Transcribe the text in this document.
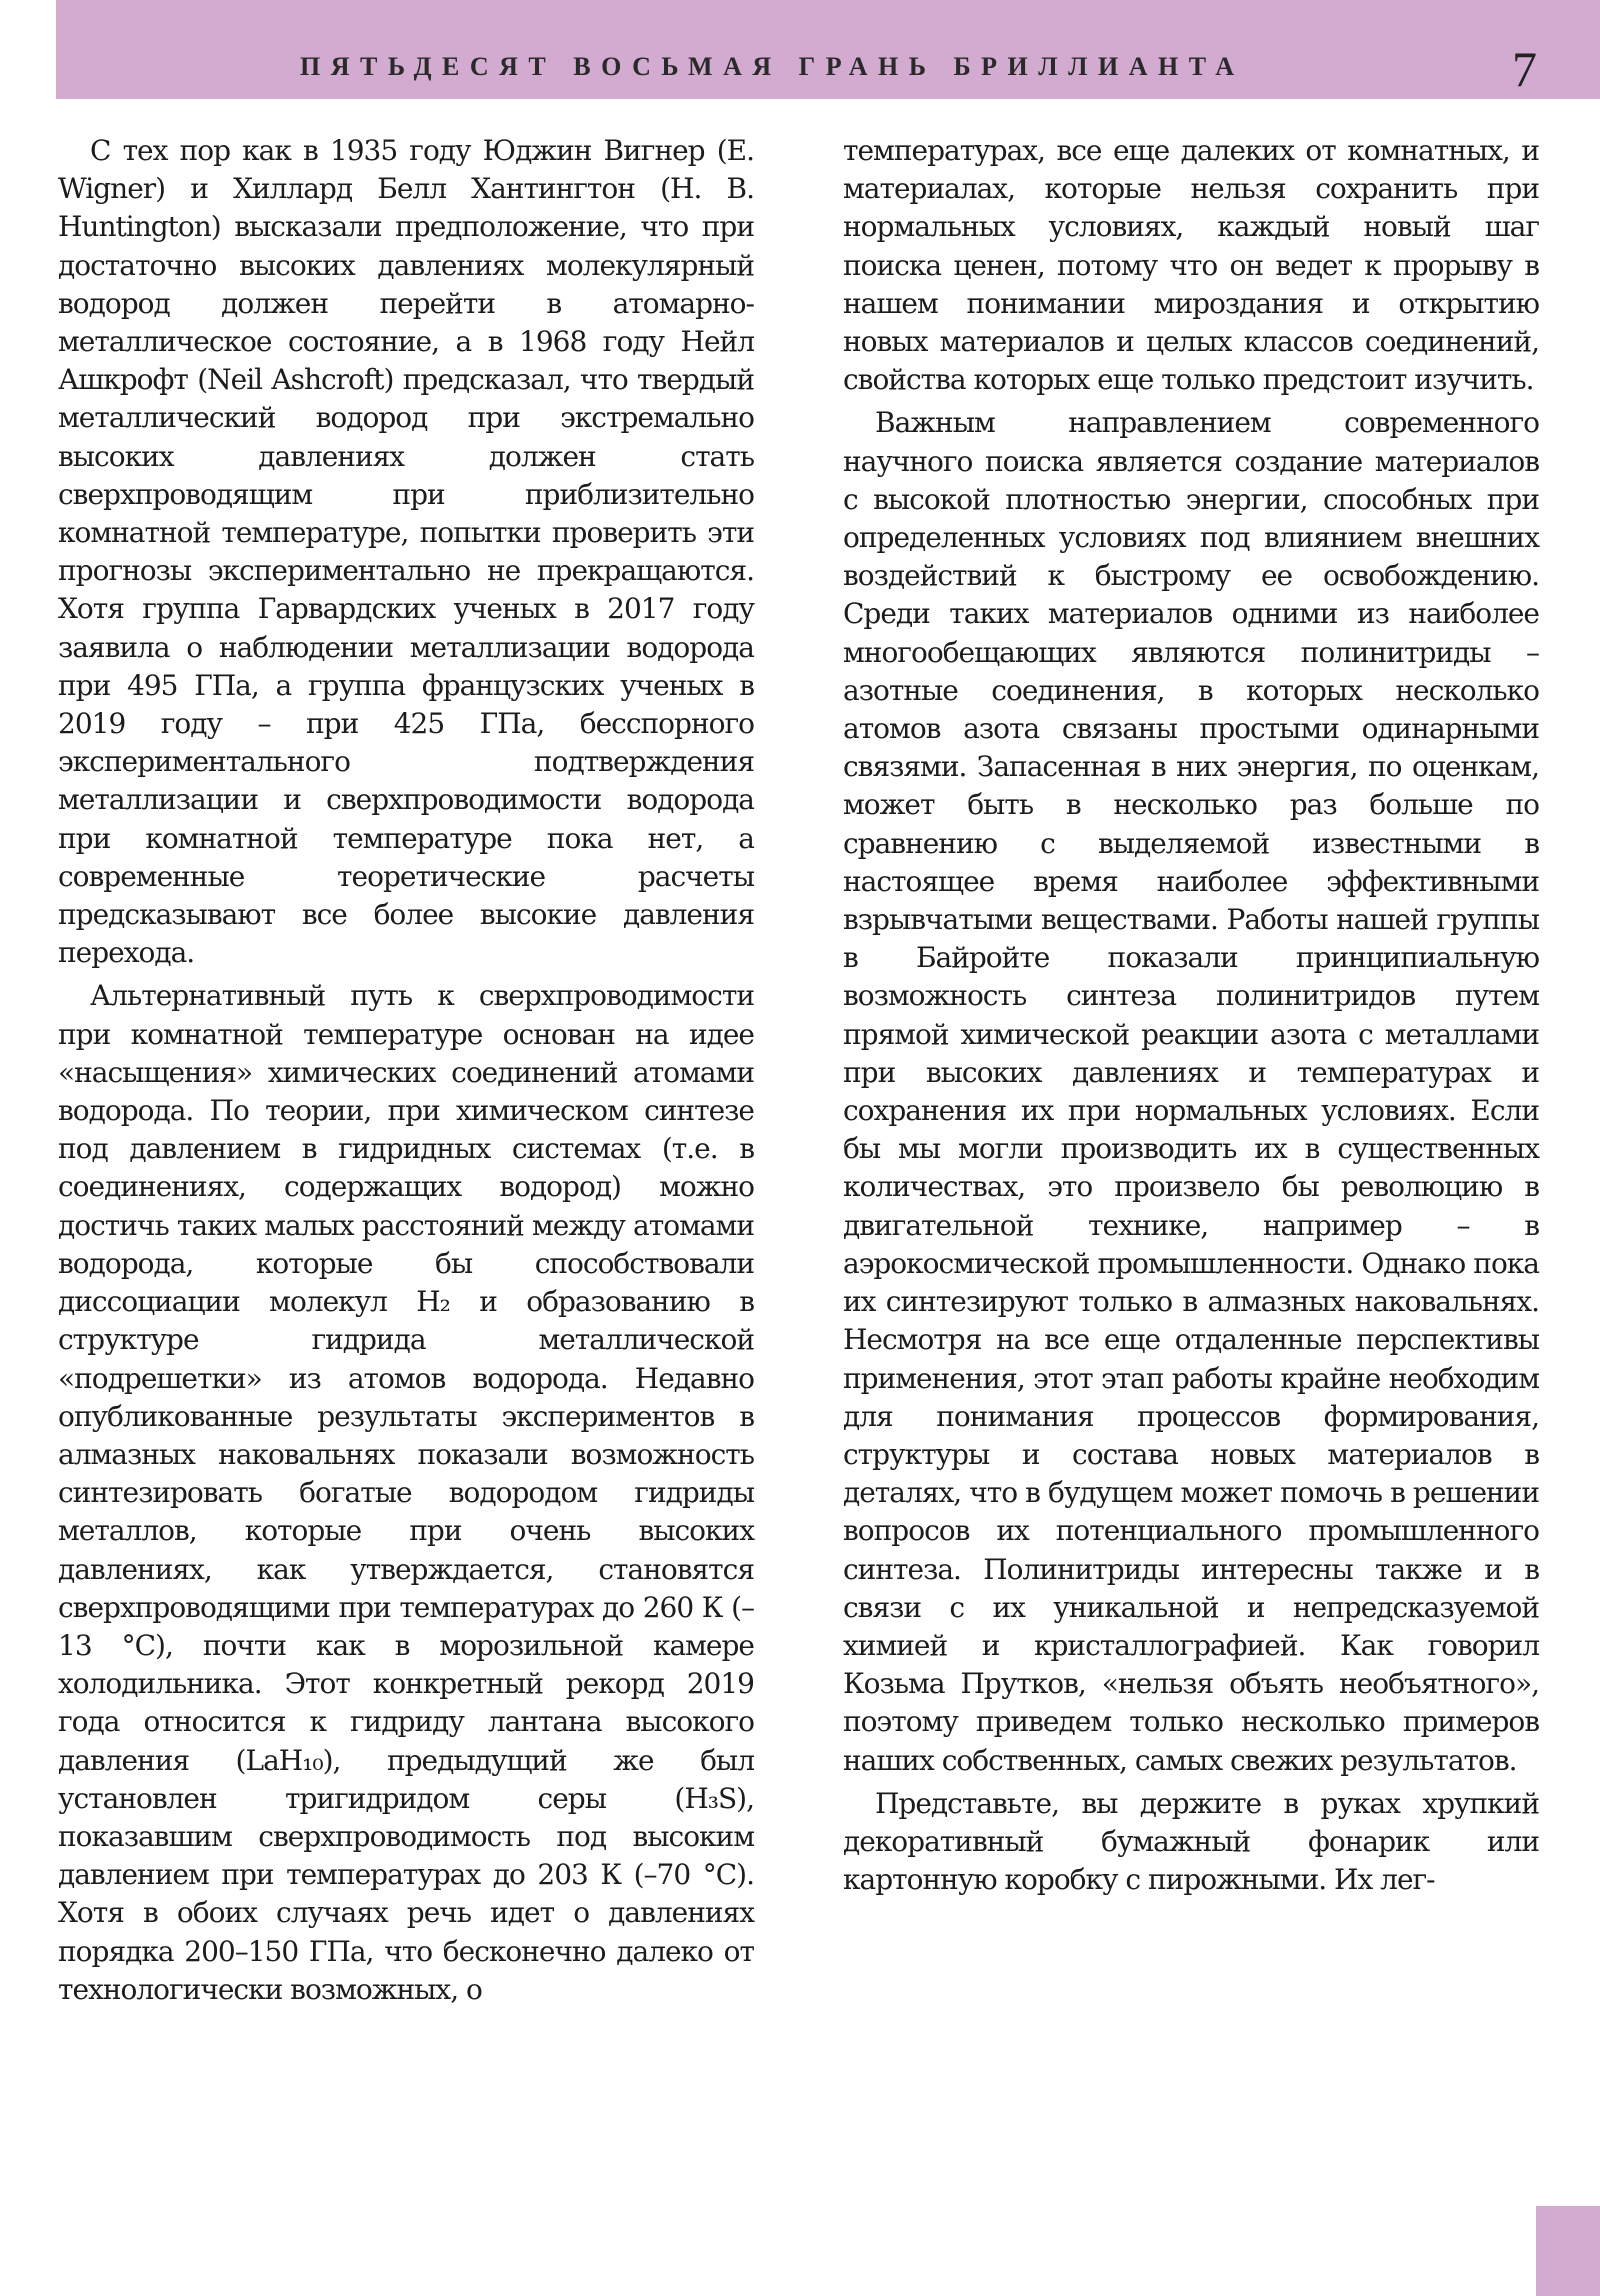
ПЯТЬДЕСЯТ ВОСЬМАЯ ГРАНЬ БРИЛЛИАНТА	7

С тех пор как в 1935 году Юджин Вигнер (E. Wigner) и Хиллард Белл Хантингтон (H. B. Huntington) высказали предположение, что при достаточно высоких давлениях молекулярный водород должен перейти в атомарно-металлическое состояние, а в 1968 году Нейл Ашкрофт (Neil Ashcroft) предсказал, что твердый металлический водород при экстремально высоких давлениях должен стать сверхпроводящим при приблизительно комнатной температуре, попытки проверить эти прогнозы экспериментально не прекращаются. Хотя группа Гарвардских ученых в 2017 году заявила о наблюдении металлизации водорода при 495 ГПа, а группа французских ученых в 2019 году – при 425 ГПа, бесспорного экспериментального подтверждения металлизации и сверхпроводимости водорода при комнатной температуре пока нет, а современные теоретические расчеты предсказывают все более высокие давления перехода.

Альтернативный путь к сверхпроводимости при комнатной температуре основан на идее «насыщения» химических соединений атомами водорода. По теории, при химическом синтезе под давлением в гидридных системах (т.е. в соединениях, содержащих водород) можно достичь таких малых расстояний между атомами водорода, которые бы способствовали диссоциации молекул H₂ и образованию в структуре гидрида металлической «подрешетки» из атомов водорода. Недавно опубликованные результаты экспериментов в алмазных наковальнях показали возможность синтезировать богатые водородом гидриды металлов, которые при очень высоких давлениях, как утверждается, становятся сверхпроводящими при температурах до 260 К (–13 °С), почти как в морозильной камере холодильника. Этот конкретный рекорд 2019 года относится к гидриду лантана высокого давления (LaH₁₀), предыдущий же был установлен тригидридом серы (H₃S), показавшим сверхпроводимость под высоким давлением при температурах до 203 К (–70 °С). Хотя в обоих случаях речь идет о давлениях порядка 200–150 ГПа, что бесконечно далеко от технологически возможных, о

температурах, все еще далеких от комнатных, и материалах, которые нельзя сохранить при нормальных условиях, каждый новый шаг поиска ценен, потому что он ведет к прорыву в нашем понимании мироздания и открытию новых материалов и целых классов соединений, свойства которых еще только предстоит изучить.

Важным направлением современного научного поиска является создание материалов с высокой плотностью энергии, способных при определенных условиях под влиянием внешних воздействий к быстрому ее освобождению. Среди таких материалов одними из наиболее многообещающих являются полинитриды – азотные соединения, в которых несколько атомов азота связаны простыми одинарными связями. Запасенная в них энергия, по оценкам, может быть в несколько раз больше по сравнению с выделяемой известными в настоящее время наиболее эффективными взрывчатыми веществами. Работы нашей группы в Байройте показали принципиальную возможность синтеза полинитридов путем прямой химической реакции азота с металлами при высоких давлениях и температурах и сохранения их при нормальных условиях. Если бы мы могли производить их в существенных количествах, это произвело бы революцию в двигательной технике, например – в аэрокосмической промышленности. Однако пока их синтезируют только в алмазных наковальнях. Несмотря на все еще отдаленные перспективы применения, этот этап работы крайне необходим для понимания процессов формирования, структуры и состава новых материалов в деталях, что в будущем может помочь в решении вопросов их потенциального промышленного синтеза. Полинитриды интересны также и в связи с их уникальной и непредсказуемой химией и кристаллографией. Как говорил Козьма Прутков, «нельзя объять необъятного», поэтому приведем только несколько примеров наших собственных, самых свежих результатов.

Представьте, вы держите в руках хрупкий декоративный бумажный фонарик или картонную коробку с пирожными. Их лег-
